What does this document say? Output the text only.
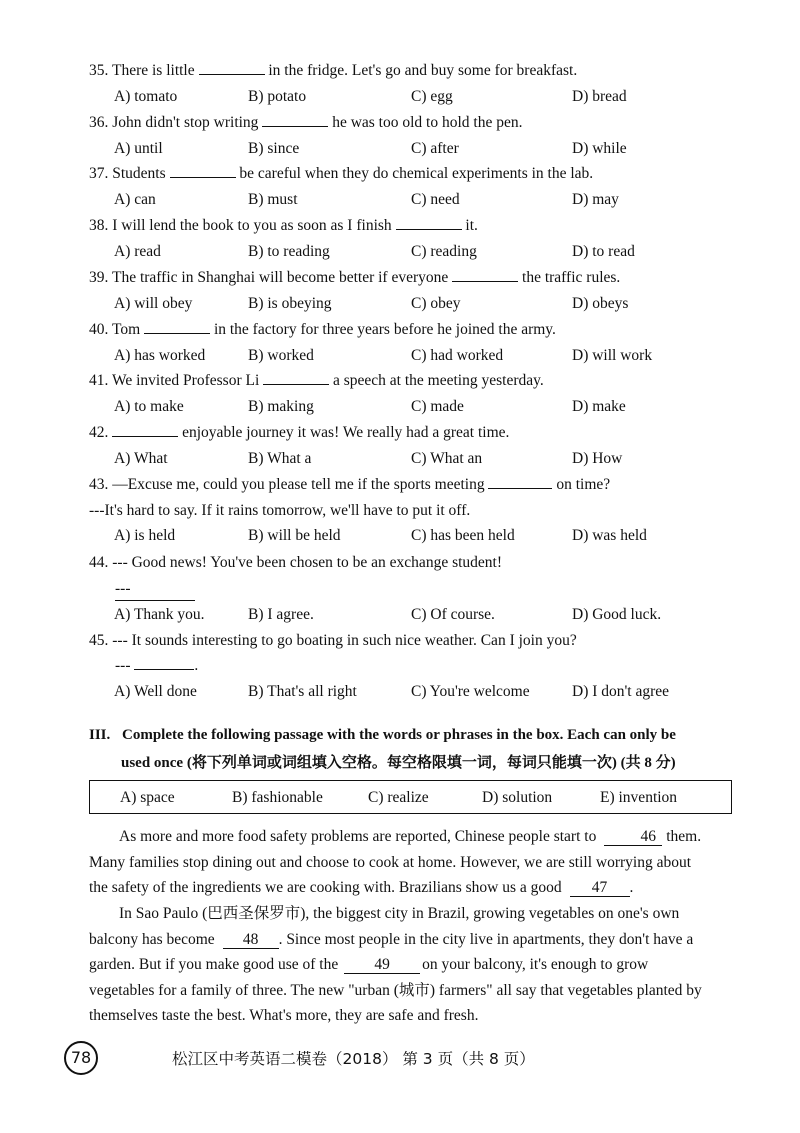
35. There is little	in the fridge. Let's go and buy some for breakfast.
A) tomato	B) potato	C) egg	D) bread
36. John didn't stop writing	he was too old to hold the pen.
A) until	B) since	C) after	D) while
37. Students	be careful when they do chemical experiments in the lab.
A) can	B) must	C) need	D) may
38. I will lend the book to you as soon as I finish	it.
A) read	B) to reading	C) reading	D) to read
39. The traffic in Shanghai will become better if everyone	the traffic rules.
A) will obey	B) is obeying	C) obey	D) obeys
40. Tom	in the factory for three years before he joined the army.
A) has worked	B) worked	C) had worked	D) will work
41. We invited Professor Li	a speech at the meeting yesterday.
A) to make	B) making	C) made	D) make
42.	enjoyable journey it was! We really had a great time.
A) What	B) What a	C) What an	D) How
43. —Excuse me, could you please tell me if the sports meeting	on time?
---It's hard to say. If it rains tomorrow, we'll have to put it off.
A) is held	B) will be held	C) has been held	D) was held
44. --- Good news! You've been chosen to be an exchange student!
---

A) Thank you.	B) I agree.	C) Of course.	D) Good luck.
45. --- It sounds interesting to go boating in such nice weather. Can I join you?
---	.
A) Well done	B) That's all right	C) You're welcome	D) I don't agree
III. Complete the following passage with the words or phrases in the box. Each can only be
used once (将下列单词或词组填入空格。每空格限填一词，每词只能填一次) (共 8 分)
A) space	B) fashionable	C) realize	D) solution	E) invention
As more and more food safety problems are reported, Chinese people start to	46 them.
Many families stop dining out and choose to cook at home. However, we are still worrying about
the safety of the ingredients we are cooking with. Brazilians show us a good 47 .
In Sao Paulo (巴西圣保罗市), the biggest city in Brazil, growing vegetables on one's own
balcony has become 48 . Since most people in the city live in apartments, they don't have a
garden. But if you make good use of the 49 on your balcony, it's enough to grow
vegetables for a family of three. The new "urban (城市) farmers" all say that vegetables planted by
themselves taste the best. What's more, they are safe and fresh.
78	松江区中考英语二模卷（2018） 第 3 页（共 8 页）
